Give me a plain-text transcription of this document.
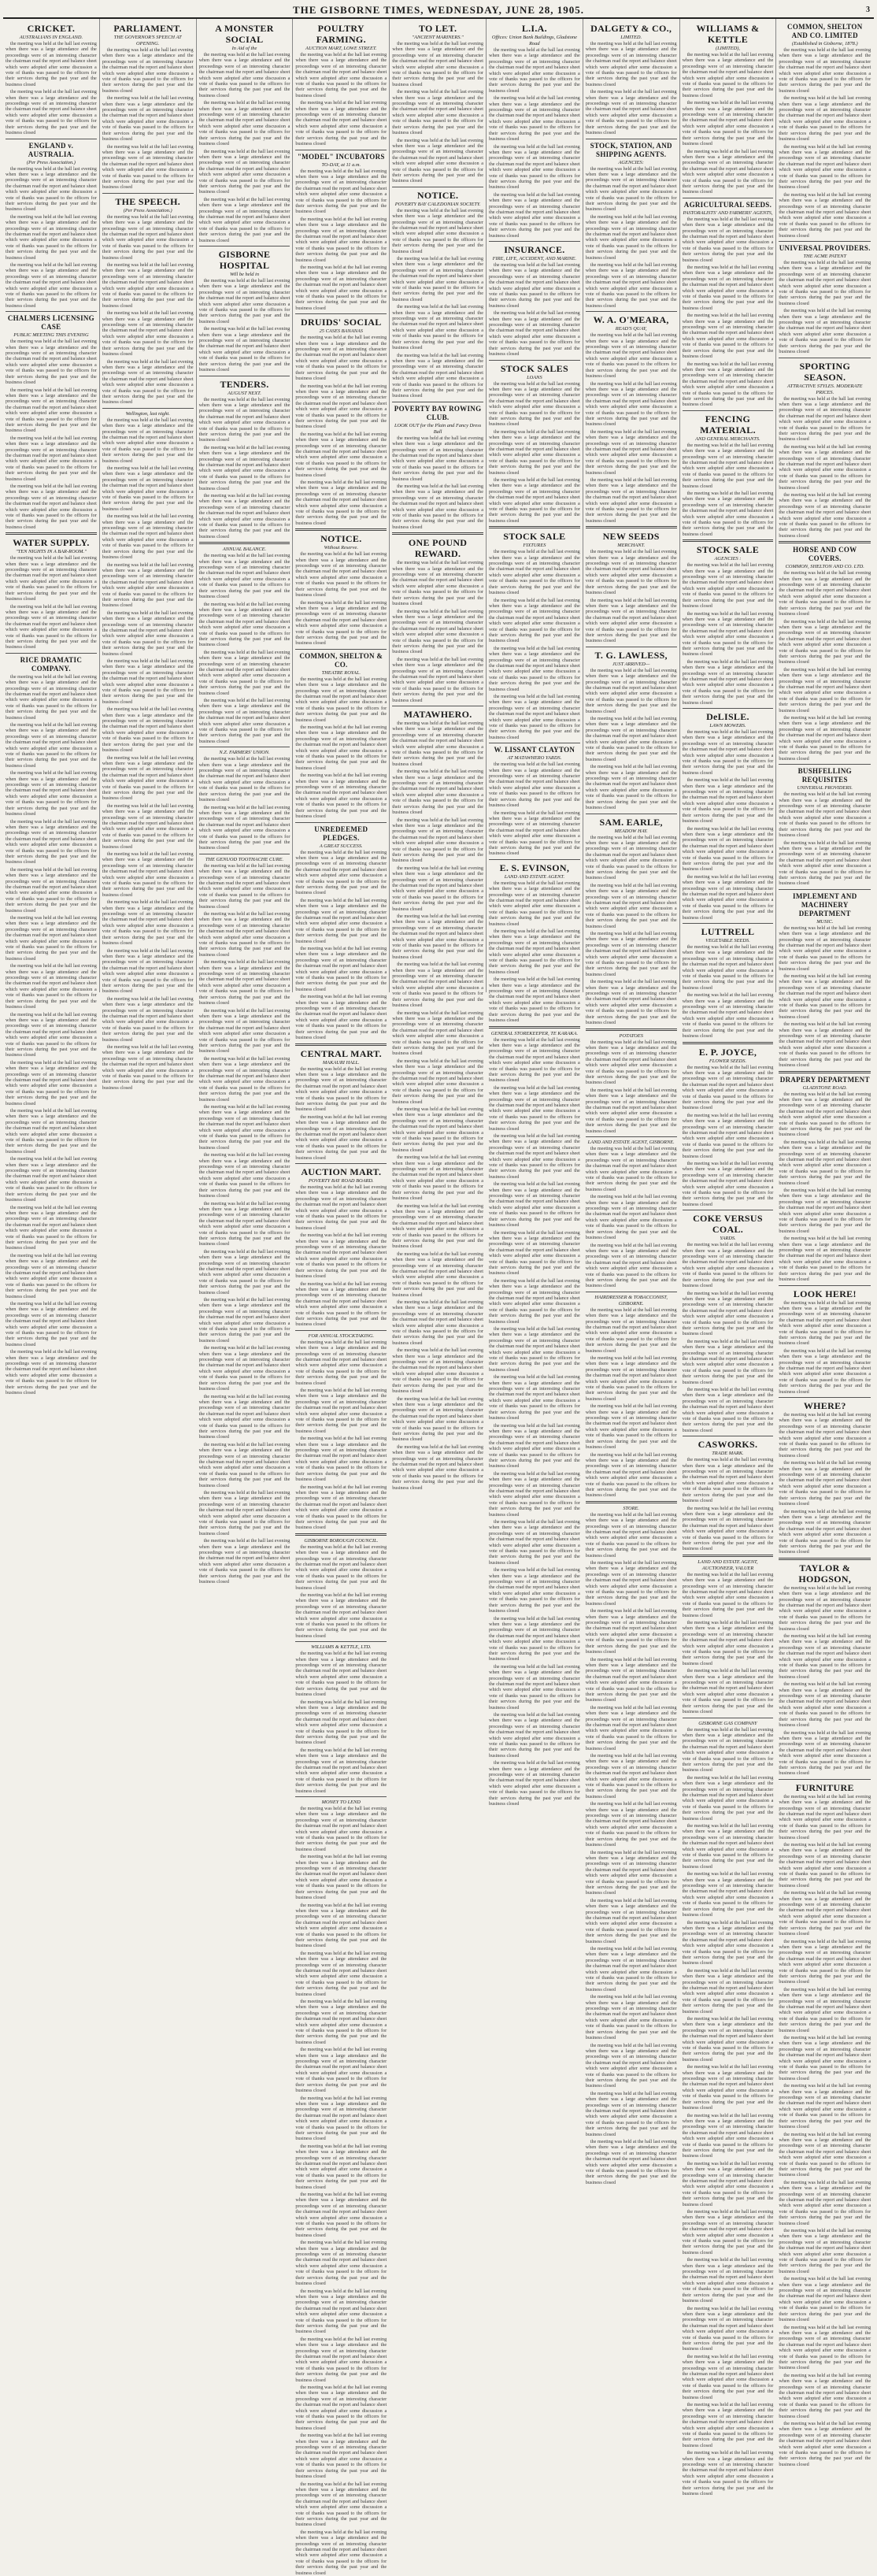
THE GISBORNE TIMES, WEDNESDAY, JUNE 28, 1905.	3
CRICKET.
AUSTRALIANS IN ENGLAND.

the meeting was held at the hall last evening when there was a large attendance and the proceedings were of an interesting character the chairman read the report and balance sheet which were adopted after some discussion a vote of thanks was passed to the officers for their services during the past year and the business closed

the meeting was held at the hall last evening when there was a large attendance and the proceedings were of an interesting character the chairman read the report and balance sheet which were adopted after some discussion a vote of thanks was passed to the officers for their services during the past year and the business closed

ENGLAND v. AUSTRALIA.
(Per Press Association.)

the meeting was held at the hall last evening when there was a large attendance and the proceedings were of an interesting character the chairman read the report and balance sheet which were adopted after some discussion a vote of thanks was passed to the officers for their services during the past year and the business closed

the meeting was held at the hall last evening when there was a large attendance and the proceedings were of an interesting character the chairman read the report and balance sheet which were adopted after some discussion a vote of thanks was passed to the officers for their services during the past year and the business closed

the meeting was held at the hall last evening when there was a large attendance and the proceedings were of an interesting character the chairman read the report and balance sheet which were adopted after some discussion a vote of thanks was passed to the officers for their services during the past year and the business closed

CHALMERS LICENSING CASE
PUBLIC MEETING THIS EVENING

the meeting was held at the hall last evening when there was a large attendance and the proceedings were of an interesting character the chairman read the report and balance sheet which were adopted after some discussion a vote of thanks was passed to the officers for their services during the past year and the business closed

the meeting was held at the hall last evening when there was a large attendance and the proceedings were of an interesting character the chairman read the report and balance sheet which were adopted after some discussion a vote of thanks was passed to the officers for their services during the past year and the business closed

the meeting was held at the hall last evening when there was a large attendance and the proceedings were of an interesting character the chairman read the report and balance sheet which were adopted after some discussion a vote of thanks was passed to the officers for their services during the past year and the business closed

the meeting was held at the hall last evening when there was a large attendance and the proceedings were of an interesting character the chairman read the report and balance sheet which were adopted after some discussion a vote of thanks was passed to the officers for their services during the past year and the business closed

WATER SUPPLY.
"TEN NIGHTS IN A BAR-ROOM."

the meeting was held at the hall last evening when there was a large attendance and the proceedings were of an interesting character the chairman read the report and balance sheet which were adopted after some discussion a vote of thanks was passed to the officers for their services during the past year and the business closed

the meeting was held at the hall last evening when there was a large attendance and the proceedings were of an interesting character the chairman read the report and balance sheet which were adopted after some discussion a vote of thanks was passed to the officers for their services during the past year and the business closed

RICE DRAMATIC COMPANY.

the meeting was held at the hall last evening when there was a large attendance and the proceedings were of an interesting character the chairman read the report and balance sheet which were adopted after some discussion a vote of thanks was passed to the officers for their services during the past year and the business closed

the meeting was held at the hall last evening when there was a large attendance and the proceedings were of an interesting character the chairman read the report and balance sheet which were adopted after some discussion a vote of thanks was passed to the officers for their services during the past year and the business closed

the meeting was held at the hall last evening when there was a large attendance and the proceedings were of an interesting character the chairman read the report and balance sheet which were adopted after some discussion a vote of thanks was passed to the officers for their services during the past year and the business closed

the meeting was held at the hall last evening when there was a large attendance and the proceedings were of an interesting character the chairman read the report and balance sheet which were adopted after some discussion a vote of thanks was passed to the officers for their services during the past year and the business closed

the meeting was held at the hall last evening when there was a large attendance and the proceedings were of an interesting character the chairman read the report and balance sheet which were adopted after some discussion a vote of thanks was passed to the officers for their services during the past year and the business closed

the meeting was held at the hall last evening when there was a large attendance and the proceedings were of an interesting character the chairman read the report and balance sheet which were adopted after some discussion a vote of thanks was passed to the officers for their services during the past year and the business closed

the meeting was held at the hall last evening when there was a large attendance and the proceedings were of an interesting character the chairman read the report and balance sheet which were adopted after some discussion a vote of thanks was passed to the officers for their services during the past year and the business closed

the meeting was held at the hall last evening when there was a large attendance and the proceedings were of an interesting character the chairman read the report and balance sheet which were adopted after some discussion a vote of thanks was passed to the officers for their services during the past year and the business closed

the meeting was held at the hall last evening when there was a large attendance and the proceedings were of an interesting character the chairman read the report and balance sheet which were adopted after some discussion a vote of thanks was passed to the officers for their services during the past year and the business closed

the meeting was held at the hall last evening when there was a large attendance and the proceedings were of an interesting character the chairman read the report and balance sheet which were adopted after some discussion a vote of thanks was passed to the officers for their services during the past year and the business closed

the meeting was held at the hall last evening when there was a large attendance and the proceedings were of an interesting character the chairman read the report and balance sheet which were adopted after some discussion a vote of thanks was passed to the officers for their services during the past year and the business closed

the meeting was held at the hall last evening when there was a large attendance and the proceedings were of an interesting character the chairman read the report and balance sheet which were adopted after some discussion a vote of thanks was passed to the officers for their services during the past year and the business closed

the meeting was held at the hall last evening when there was a large attendance and the proceedings were of an interesting character the chairman read the report and balance sheet which were adopted after some discussion a vote of thanks was passed to the officers for their services during the past year and the business closed

the meeting was held at the hall last evening when there was a large attendance and the proceedings were of an interesting character the chairman read the report and balance sheet which were adopted after some discussion a vote of thanks was passed to the officers for their services during the past year and the business closed

the meeting was held at the hall last evening when there was a large attendance and the proceedings were of an interesting character the chairman read the report and balance sheet which were adopted after some discussion a vote of thanks was passed to the officers for their services during the past year and the business closed

PARLIAMENT.
THE GOVERNOR'S SPEECH AT OPENING.

the meeting was held at the hall last evening when there was a large attendance and the proceedings were of an interesting character the chairman read the report and balance sheet which were adopted after some discussion a vote of thanks was passed to the officers for their services during the past year and the business closed

the meeting was held at the hall last evening when there was a large attendance and the proceedings were of an interesting character the chairman read the report and balance sheet which were adopted after some discussion a vote of thanks was passed to the officers for their services during the past year and the business closed

the meeting was held at the hall last evening when there was a large attendance and the proceedings were of an interesting character the chairman read the report and balance sheet which were adopted after some discussion a vote of thanks was passed to the officers for their services during the past year and the business closed

THE SPEECH.
(Per Press Association.)

the meeting was held at the hall last evening when there was a large attendance and the proceedings were of an interesting character the chairman read the report and balance sheet which were adopted after some discussion a vote of thanks was passed to the officers for their services during the past year and the business closed

the meeting was held at the hall last evening when there was a large attendance and the proceedings were of an interesting character the chairman read the report and balance sheet which were adopted after some discussion a vote of thanks was passed to the officers for their services during the past year and the business closed

the meeting was held at the hall last evening when there was a large attendance and the proceedings were of an interesting character the chairman read the report and balance sheet which were adopted after some discussion a vote of thanks was passed to the officers for their services during the past year and the business closed

the meeting was held at the hall last evening when there was a large attendance and the proceedings were of an interesting character the chairman read the report and balance sheet which were adopted after some discussion a vote of thanks was passed to the officers for their services during the past year and the business closed

Wellington, last night.

the meeting was held at the hall last evening when there was a large attendance and the proceedings were of an interesting character the chairman read the report and balance sheet which were adopted after some discussion a vote of thanks was passed to the officers for their services during the past year and the business closed

the meeting was held at the hall last evening when there was a large attendance and the proceedings were of an interesting character the chairman read the report and balance sheet which were adopted after some discussion a vote of thanks was passed to the officers for their services during the past year and the business closed

the meeting was held at the hall last evening when there was a large attendance and the proceedings were of an interesting character the chairman read the report and balance sheet which were adopted after some discussion a vote of thanks was passed to the officers for their services during the past year and the business closed

the meeting was held at the hall last evening when there was a large attendance and the proceedings were of an interesting character the chairman read the report and balance sheet which were adopted after some discussion a vote of thanks was passed to the officers for their services during the past year and the business closed

the meeting was held at the hall last evening when there was a large attendance and the proceedings were of an interesting character the chairman read the report and balance sheet which were adopted after some discussion a vote of thanks was passed to the officers for their services during the past year and the business closed

the meeting was held at the hall last evening when there was a large attendance and the proceedings were of an interesting character the chairman read the report and balance sheet which were adopted after some discussion a vote of thanks was passed to the officers for their services during the past year and the business closed

the meeting was held at the hall last evening when there was a large attendance and the proceedings were of an interesting character the chairman read the report and balance sheet which were adopted after some discussion a vote of thanks was passed to the officers for their services during the past year and the business closed

the meeting was held at the hall last evening when there was a large attendance and the proceedings were of an interesting character the chairman read the report and balance sheet which were adopted after some discussion a vote of thanks was passed to the officers for their services during the past year and the business closed

the meeting was held at the hall last evening when there was a large attendance and the proceedings were of an interesting character the chairman read the report and balance sheet which were adopted after some discussion a vote of thanks was passed to the officers for their services during the past year and the business closed

the meeting was held at the hall last evening when there was a large attendance and the proceedings were of an interesting character the chairman read the report and balance sheet which were adopted after some discussion a vote of thanks was passed to the officers for their services during the past year and the business closed

the meeting was held at the hall last evening when there was a large attendance and the proceedings were of an interesting character the chairman read the report and balance sheet which were adopted after some discussion a vote of thanks was passed to the officers for their services during the past year and the business closed

the meeting was held at the hall last evening when there was a large attendance and the proceedings were of an interesting character the chairman read the report and balance sheet which were adopted after some discussion a vote of thanks was passed to the officers for their services during the past year and the business closed

the meeting was held at the hall last evening when there was a large attendance and the proceedings were of an interesting character the chairman read the report and balance sheet which were adopted after some discussion a vote of thanks was passed to the officers for their services during the past year and the business closed

the meeting was held at the hall last evening when there was a large attendance and the proceedings were of an interesting character the chairman read the report and balance sheet which were adopted after some discussion a vote of thanks was passed to the officers for their services during the past year and the business closed

A MONSTER SOCIAL
In Aid of the

the meeting was held at the hall last evening when there was a large attendance and the proceedings were of an interesting character the chairman read the report and balance sheet which were adopted after some discussion a vote of thanks was passed to the officers for their services during the past year and the business closed

the meeting was held at the hall last evening when there was a large attendance and the proceedings were of an interesting character the chairman read the report and balance sheet which were adopted after some discussion a vote of thanks was passed to the officers for their services during the past year and the business closed

the meeting was held at the hall last evening when there was a large attendance and the proceedings were of an interesting character the chairman read the report and balance sheet which were adopted after some discussion a vote of thanks was passed to the officers for their services during the past year and the business closed

the meeting was held at the hall last evening when there was a large attendance and the proceedings were of an interesting character the chairman read the report and balance sheet which were adopted after some discussion a vote of thanks was passed to the officers for their services during the past year and the business closed

GISBORNE HOSPITAL
Will be held in

the meeting was held at the hall last evening when there was a large attendance and the proceedings were of an interesting character the chairman read the report and balance sheet which were adopted after some discussion a vote of thanks was passed to the officers for their services during the past year and the business closed

the meeting was held at the hall last evening when there was a large attendance and the proceedings were of an interesting character the chairman read the report and balance sheet which were adopted after some discussion a vote of thanks was passed to the officers for their services during the past year and the business closed

TENDERS.
AUGUST NEXT.

the meeting was held at the hall last evening when there was a large attendance and the proceedings were of an interesting character the chairman read the report and balance sheet which were adopted after some discussion a vote of thanks was passed to the officers for their services during the past year and the business closed

the meeting was held at the hall last evening when there was a large attendance and the proceedings were of an interesting character the chairman read the report and balance sheet which were adopted after some discussion a vote of thanks was passed to the officers for their services during the past year and the business closed

the meeting was held at the hall last evening when there was a large attendance and the proceedings were of an interesting character the chairman read the report and balance sheet which were adopted after some discussion a vote of thanks was passed to the officers for their services during the past year and the business closed

ANNUAL BALANCE.

the meeting was held at the hall last evening when there was a large attendance and the proceedings were of an interesting character the chairman read the report and balance sheet which were adopted after some discussion a vote of thanks was passed to the officers for their services during the past year and the business closed

the meeting was held at the hall last evening when there was a large attendance and the proceedings were of an interesting character the chairman read the report and balance sheet which were adopted after some discussion a vote of thanks was passed to the officers for their services during the past year and the business closed

the meeting was held at the hall last evening when there was a large attendance and the proceedings were of an interesting character the chairman read the report and balance sheet which were adopted after some discussion a vote of thanks was passed to the officers for their services during the past year and the business closed

the meeting was held at the hall last evening when there was a large attendance and the proceedings were of an interesting character the chairman read the report and balance sheet which were adopted after some discussion a vote of thanks was passed to the officers for their services during the past year and the business closed

N.Z. FARMERS' UNION.

the meeting was held at the hall last evening when there was a large attendance and the proceedings were of an interesting character the chairman read the report and balance sheet which were adopted after some discussion a vote of thanks was passed to the officers for their services during the past year and the business closed

the meeting was held at the hall last evening when there was a large attendance and the proceedings were of an interesting character the chairman read the report and balance sheet which were adopted after some discussion a vote of thanks was passed to the officers for their services during the past year and the business closed

THE GENUOD TOOTHACHE CURE.

the meeting was held at the hall last evening when there was a large attendance and the proceedings were of an interesting character the chairman read the report and balance sheet which were adopted after some discussion a vote of thanks was passed to the officers for their services during the past year and the business closed

the meeting was held at the hall last evening when there was a large attendance and the proceedings were of an interesting character the chairman read the report and balance sheet which were adopted after some discussion a vote of thanks was passed to the officers for their services during the past year and the business closed

the meeting was held at the hall last evening when there was a large attendance and the proceedings were of an interesting character the chairman read the report and balance sheet which were adopted after some discussion a vote of thanks was passed to the officers for their services during the past year and the business closed

the meeting was held at the hall last evening when there was a large attendance and the proceedings were of an interesting character the chairman read the report and balance sheet which were adopted after some discussion a vote of thanks was passed to the officers for their services during the past year and the business closed

the meeting was held at the hall last evening when there was a large attendance and the proceedings were of an interesting character the chairman read the report and balance sheet which were adopted after some discussion a vote of thanks was passed to the officers for their services during the past year and the business closed

the meeting was held at the hall last evening when there was a large attendance and the proceedings were of an interesting character the chairman read the report and balance sheet which were adopted after some discussion a vote of thanks was passed to the officers for their services during the past year and the business closed

the meeting was held at the hall last evening when there was a large attendance and the proceedings were of an interesting character the chairman read the report and balance sheet which were adopted after some discussion a vote of thanks was passed to the officers for their services during the past year and the business closed

the meeting was held at the hall last evening when there was a large attendance and the proceedings were of an interesting character the chairman read the report and balance sheet which were adopted after some discussion a vote of thanks was passed to the officers for their services during the past year and the business closed

the meeting was held at the hall last evening when there was a large attendance and the proceedings were of an interesting character the chairman read the report and balance sheet which were adopted after some discussion a vote of thanks was passed to the officers for their services during the past year and the business closed

the meeting was held at the hall last evening when there was a large attendance and the proceedings were of an interesting character the chairman read the report and balance sheet which were adopted after some discussion a vote of thanks was passed to the officers for their services during the past year and the business closed

the meeting was held at the hall last evening when there was a large attendance and the proceedings were of an interesting character the chairman read the report and balance sheet which were adopted after some discussion a vote of thanks was passed to the officers for their services during the past year and the business closed

the meeting was held at the hall last evening when there was a large attendance and the proceedings were of an interesting character the chairman read the report and balance sheet which were adopted after some discussion a vote of thanks was passed to the officers for their services during the past year and the business closed

the meeting was held at the hall last evening when there was a large attendance and the proceedings were of an interesting character the chairman read the report and balance sheet which were adopted after some discussion a vote of thanks was passed to the officers for their services during the past year and the business closed

the meeting was held at the hall last evening when there was a large attendance and the proceedings were of an interesting character the chairman read the report and balance sheet which were adopted after some discussion a vote of thanks was passed to the officers for their services during the past year and the business closed

the meeting was held at the hall last evening when there was a large attendance and the proceedings were of an interesting character the chairman read the report and balance sheet which were adopted after some discussion a vote of thanks was passed to the officers for their services during the past year and the business closed

POULTRY FARMING.
AUCTION MART, LOWE STREET.

the meeting was held at the hall last evening when there was a large attendance and the proceedings were of an interesting character the chairman read the report and balance sheet which were adopted after some discussion a vote of thanks was passed to the officers for their services during the past year and the business closed

the meeting was held at the hall last evening when there was a large attendance and the proceedings were of an interesting character the chairman read the report and balance sheet which were adopted after some discussion a vote of thanks was passed to the officers for their services during the past year and the business closed

"MODEL" INCUBATORS
TO-DAY, at 11 a.m.

the meeting was held at the hall last evening when there was a large attendance and the proceedings were of an interesting character the chairman read the report and balance sheet which were adopted after some discussion a vote of thanks was passed to the officers for their services during the past year and the business closed

the meeting was held at the hall last evening when there was a large attendance and the proceedings were of an interesting character the chairman read the report and balance sheet which were adopted after some discussion a vote of thanks was passed to the officers for their services during the past year and the business closed

the meeting was held at the hall last evening when there was a large attendance and the proceedings were of an interesting character the chairman read the report and balance sheet which were adopted after some discussion a vote of thanks was passed to the officers for their services during the past year and the business closed

DRUIDS' SOCIAL
25 CASES BANANAS

the meeting was held at the hall last evening when there was a large attendance and the proceedings were of an interesting character the chairman read the report and balance sheet which were adopted after some discussion a vote of thanks was passed to the officers for their services during the past year and the business closed

the meeting was held at the hall last evening when there was a large attendance and the proceedings were of an interesting character the chairman read the report and balance sheet which were adopted after some discussion a vote of thanks was passed to the officers for their services during the past year and the business closed

the meeting was held at the hall last evening when there was a large attendance and the proceedings were of an interesting character the chairman read the report and balance sheet which were adopted after some discussion a vote of thanks was passed to the officers for their services during the past year and the business closed

the meeting was held at the hall last evening when there was a large attendance and the proceedings were of an interesting character the chairman read the report and balance sheet which were adopted after some discussion a vote of thanks was passed to the officers for their services during the past year and the business closed

NOTICE.
Without Reserve.

the meeting was held at the hall last evening when there was a large attendance and the proceedings were of an interesting character the chairman read the report and balance sheet which were adopted after some discussion a vote of thanks was passed to the officers for their services during the past year and the business closed

the meeting was held at the hall last evening when there was a large attendance and the proceedings were of an interesting character the chairman read the report and balance sheet which were adopted after some discussion a vote of thanks was passed to the officers for their services during the past year and the business closed

COMMON, SHELTON & CO.
THEATRE ROYAL.

the meeting was held at the hall last evening when there was a large attendance and the proceedings were of an interesting character the chairman read the report and balance sheet which were adopted after some discussion a vote of thanks was passed to the officers for their services during the past year and the business closed

the meeting was held at the hall last evening when there was a large attendance and the proceedings were of an interesting character the chairman read the report and balance sheet which were adopted after some discussion a vote of thanks was passed to the officers for their services during the past year and the business closed

the meeting was held at the hall last evening when there was a large attendance and the proceedings were of an interesting character the chairman read the report and balance sheet which were adopted after some discussion a vote of thanks was passed to the officers for their services during the past year and the business closed

UNREDEEMED PLEDGES.
A GREAT SUCCESS.

the meeting was held at the hall last evening when there was a large attendance and the proceedings were of an interesting character the chairman read the report and balance sheet which were adopted after some discussion a vote of thanks was passed to the officers for their services during the past year and the business closed

the meeting was held at the hall last evening when there was a large attendance and the proceedings were of an interesting character the chairman read the report and balance sheet which were adopted after some discussion a vote of thanks was passed to the officers for their services during the past year and the business closed

the meeting was held at the hall last evening when there was a large attendance and the proceedings were of an interesting character the chairman read the report and balance sheet which were adopted after some discussion a vote of thanks was passed to the officers for their services during the past year and the business closed

the meeting was held at the hall last evening when there was a large attendance and the proceedings were of an interesting character the chairman read the report and balance sheet which were adopted after some discussion a vote of thanks was passed to the officers for their services during the past year and the business closed

CENTRAL MART.
MAKAURI HALL.

the meeting was held at the hall last evening when there was a large attendance and the proceedings were of an interesting character the chairman read the report and balance sheet which were adopted after some discussion a vote of thanks was passed to the officers for their services during the past year and the business closed

the meeting was held at the hall last evening when there was a large attendance and the proceedings were of an interesting character the chairman read the report and balance sheet which were adopted after some discussion a vote of thanks was passed to the officers for their services during the past year and the business closed

AUCTION MART.
POVERTY BAY ROAD BOARD.

the meeting was held at the hall last evening when there was a large attendance and the proceedings were of an interesting character the chairman read the report and balance sheet which were adopted after some discussion a vote of thanks was passed to the officers for their services during the past year and the business closed

the meeting was held at the hall last evening when there was a large attendance and the proceedings were of an interesting character the chairman read the report and balance sheet which were adopted after some discussion a vote of thanks was passed to the officers for their services during the past year and the business closed

the meeting was held at the hall last evening when there was a large attendance and the proceedings were of an interesting character the chairman read the report and balance sheet which were adopted after some discussion a vote of thanks was passed to the officers for their services during the past year and the business closed

FOR ANNUAL STOCKTAKING.

the meeting was held at the hall last evening when there was a large attendance and the proceedings were of an interesting character the chairman read the report and balance sheet which were adopted after some discussion a vote of thanks was passed to the officers for their services during the past year and the business closed

the meeting was held at the hall last evening when there was a large attendance and the proceedings were of an interesting character the chairman read the report and balance sheet which were adopted after some discussion a vote of thanks was passed to the officers for their services during the past year and the business closed

the meeting was held at the hall last evening when there was a large attendance and the proceedings were of an interesting character the chairman read the report and balance sheet which were adopted after some discussion a vote of thanks was passed to the officers for their services during the past year and the business closed

the meeting was held at the hall last evening when there was a large attendance and the proceedings were of an interesting character the chairman read the report and balance sheet which were adopted after some discussion a vote of thanks was passed to the officers for their services during the past year and the business closed

GISBORNE BOROUGH COUNCIL.

the meeting was held at the hall last evening when there was a large attendance and the proceedings were of an interesting character the chairman read the report and balance sheet which were adopted after some discussion a vote of thanks was passed to the officers for their services during the past year and the business closed

the meeting was held at the hall last evening when there was a large attendance and the proceedings were of an interesting character the chairman read the report and balance sheet which were adopted after some discussion a vote of thanks was passed to the officers for their services during the past year and the business closed

WILLIAMS & KETTLE, LTD.

the meeting was held at the hall last evening when there was a large attendance and the proceedings were of an interesting character the chairman read the report and balance sheet which were adopted after some discussion a vote of thanks was passed to the officers for their services during the past year and the business closed

the meeting was held at the hall last evening when there was a large attendance and the proceedings were of an interesting character the chairman read the report and balance sheet which were adopted after some discussion a vote of thanks was passed to the officers for their services during the past year and the business closed

the meeting was held at the hall last evening when there was a large attendance and the proceedings were of an interesting character the chairman read the report and balance sheet which were adopted after some discussion a vote of thanks was passed to the officers for their services during the past year and the business closed

MONEY TO LEND

the meeting was held at the hall last evening when there was a large attendance and the proceedings were of an interesting character the chairman read the report and balance sheet which were adopted after some discussion a vote of thanks was passed to the officers for their services during the past year and the business closed

the meeting was held at the hall last evening when there was a large attendance and the proceedings were of an interesting character the chairman read the report and balance sheet which were adopted after some discussion a vote of thanks was passed to the officers for their services during the past year and the business closed

the meeting was held at the hall last evening when there was a large attendance and the proceedings were of an interesting character the chairman read the report and balance sheet which were adopted after some discussion a vote of thanks was passed to the officers for their services during the past year and the business closed

the meeting was held at the hall last evening when there was a large attendance and the proceedings were of an interesting character the chairman read the report and balance sheet which were adopted after some discussion a vote of thanks was passed to the officers for their services during the past year and the business closed

the meeting was held at the hall last evening when there was a large attendance and the proceedings were of an interesting character the chairman read the report and balance sheet which were adopted after some discussion a vote of thanks was passed to the officers for their services during the past year and the business closed

the meeting was held at the hall last evening when there was a large attendance and the proceedings were of an interesting character the chairman read the report and balance sheet which were adopted after some discussion a vote of thanks was passed to the officers for their services during the past year and the business closed

the meeting was held at the hall last evening when there was a large attendance and the proceedings were of an interesting character the chairman read the report and balance sheet which were adopted after some discussion a vote of thanks was passed to the officers for their services during the past year and the business closed

the meeting was held at the hall last evening when there was a large attendance and the proceedings were of an interesting character the chairman read the report and balance sheet which were adopted after some discussion a vote of thanks was passed to the officers for their services during the past year and the business closed

the meeting was held at the hall last evening when there was a large attendance and the proceedings were of an interesting character the chairman read the report and balance sheet which were adopted after some discussion a vote of thanks was passed to the officers for their services during the past year and the business closed

the meeting was held at the hall last evening when there was a large attendance and the proceedings were of an interesting character the chairman read the report and balance sheet which were adopted after some discussion a vote of thanks was passed to the officers for their services during the past year and the business closed

the meeting was held at the hall last evening when there was a large attendance and the proceedings were of an interesting character the chairman read the report and balance sheet which were adopted after some discussion a vote of thanks was passed to the officers for their services during the past year and the business closed

the meeting was held at the hall last evening when there was a large attendance and the proceedings were of an interesting character the chairman read the report and balance sheet which were adopted after some discussion a vote of thanks was passed to the officers for their services during the past year and the business closed

the meeting was held at the hall last evening when there was a large attendance and the proceedings were of an interesting character the chairman read the report and balance sheet which were adopted after some discussion a vote of thanks was passed to the officers for their services during the past year and the business closed

the meeting was held at the hall last evening when there was a large attendance and the proceedings were of an interesting character the chairman read the report and balance sheet which were adopted after some discussion a vote of thanks was passed to the officers for their services during the past year and the business closed

the meeting was held at the hall last evening when there was a large attendance and the proceedings were of an interesting character the chairman read the report and balance sheet which were adopted after some discussion a vote of thanks was passed to the officers for their services during the past year and the business closed

the meeting was held at the hall last evening when there was a large attendance and the proceedings were of an interesting character the chairman read the report and balance sheet which were adopted after some discussion a vote of thanks was passed to the officers for their services during the past year and the business closed

TO LET.
"ANCIENT MARINERS."

the meeting was held at the hall last evening when there was a large attendance and the proceedings were of an interesting character the chairman read the report and balance sheet which were adopted after some discussion a vote of thanks was passed to the officers for their services during the past year and the business closed

the meeting was held at the hall last evening when there was a large attendance and the proceedings were of an interesting character the chairman read the report and balance sheet which were adopted after some discussion a vote of thanks was passed to the officers for their services during the past year and the business closed

the meeting was held at the hall last evening when there was a large attendance and the proceedings were of an interesting character the chairman read the report and balance sheet which were adopted after some discussion a vote of thanks was passed to the officers for their services during the past year and the business closed

NOTICE.
POVERTY BAY CALEDONIAN SOCIETY.

the meeting was held at the hall last evening when there was a large attendance and the proceedings were of an interesting character the chairman read the report and balance sheet which were adopted after some discussion a vote of thanks was passed to the officers for their services during the past year and the business closed

the meeting was held at the hall last evening when there was a large attendance and the proceedings were of an interesting character the chairman read the report and balance sheet which were adopted after some discussion a vote of thanks was passed to the officers for their services during the past year and the business closed

the meeting was held at the hall last evening when there was a large attendance and the proceedings were of an interesting character the chairman read the report and balance sheet which were adopted after some discussion a vote of thanks was passed to the officers for their services during the past year and the business closed

the meeting was held at the hall last evening when there was a large attendance and the proceedings were of an interesting character the chairman read the report and balance sheet which were adopted after some discussion a vote of thanks was passed to the officers for their services during the past year and the business closed

POVERTY BAY ROWING CLUB.
LOOK OUT for the Plain and Fancy Dress Ball

the meeting was held at the hall last evening when there was a large attendance and the proceedings were of an interesting character the chairman read the report and balance sheet which were adopted after some discussion a vote of thanks was passed to the officers for their services during the past year and the business closed

the meeting was held at the hall last evening when there was a large attendance and the proceedings were of an interesting character the chairman read the report and balance sheet which were adopted after some discussion a vote of thanks was passed to the officers for their services during the past year and the business closed

ONE POUND REWARD.

the meeting was held at the hall last evening when there was a large attendance and the proceedings were of an interesting character the chairman read the report and balance sheet which were adopted after some discussion a vote of thanks was passed to the officers for their services during the past year and the business closed

the meeting was held at the hall last evening when there was a large attendance and the proceedings were of an interesting character the chairman read the report and balance sheet which were adopted after some discussion a vote of thanks was passed to the officers for their services during the past year and the business closed

the meeting was held at the hall last evening when there was a large attendance and the proceedings were of an interesting character the chairman read the report and balance sheet which were adopted after some discussion a vote of thanks was passed to the officers for their services during the past year and the business closed

MATAWHERO.

the meeting was held at the hall last evening when there was a large attendance and the proceedings were of an interesting character the chairman read the report and balance sheet which were adopted after some discussion a vote of thanks was passed to the officers for their services during the past year and the business closed

the meeting was held at the hall last evening when there was a large attendance and the proceedings were of an interesting character the chairman read the report and balance sheet which were adopted after some discussion a vote of thanks was passed to the officers for their services during the past year and the business closed

the meeting was held at the hall last evening when there was a large attendance and the proceedings were of an interesting character the chairman read the report and balance sheet which were adopted after some discussion a vote of thanks was passed to the officers for their services during the past year and the business closed

the meeting was held at the hall last evening when there was a large attendance and the proceedings were of an interesting character the chairman read the report and balance sheet which were adopted after some discussion a vote of thanks was passed to the officers for their services during the past year and the business closed

the meeting was held at the hall last evening when there was a large attendance and the proceedings were of an interesting character the chairman read the report and balance sheet which were adopted after some discussion a vote of thanks was passed to the officers for their services during the past year and the business closed

the meeting was held at the hall last evening when there was a large attendance and the proceedings were of an interesting character the chairman read the report and balance sheet which were adopted after some discussion a vote of thanks was passed to the officers for their services during the past year and the business closed

the meeting was held at the hall last evening when there was a large attendance and the proceedings were of an interesting character the chairman read the report and balance sheet which were adopted after some discussion a vote of thanks was passed to the officers for their services during the past year and the business closed

the meeting was held at the hall last evening when there was a large attendance and the proceedings were of an interesting character the chairman read the report and balance sheet which were adopted after some discussion a vote of thanks was passed to the officers for their services during the past year and the business closed

the meeting was held at the hall last evening when there was a large attendance and the proceedings were of an interesting character the chairman read the report and balance sheet which were adopted after some discussion a vote of thanks was passed to the officers for their services during the past year and the business closed

the meeting was held at the hall last evening when there was a large attendance and the proceedings were of an interesting character the chairman read the report and balance sheet which were adopted after some discussion a vote of thanks was passed to the officers for their services during the past year and the business closed

the meeting was held at the hall last evening when there was a large attendance and the proceedings were of an interesting character the chairman read the report and balance sheet which were adopted after some discussion a vote of thanks was passed to the officers for their services during the past year and the business closed

the meeting was held at the hall last evening when there was a large attendance and the proceedings were of an interesting character the chairman read the report and balance sheet which were adopted after some discussion a vote of thanks was passed to the officers for their services during the past year and the business closed

the meeting was held at the hall last evening when there was a large attendance and the proceedings were of an interesting character the chairman read the report and balance sheet which were adopted after some discussion a vote of thanks was passed to the officers for their services during the past year and the business closed

the meeting was held at the hall last evening when there was a large attendance and the proceedings were of an interesting character the chairman read the report and balance sheet which were adopted after some discussion a vote of thanks was passed to the officers for their services during the past year and the business closed

the meeting was held at the hall last evening when there was a large attendance and the proceedings were of an interesting character the chairman read the report and balance sheet which were adopted after some discussion a vote of thanks was passed to the officers for their services during the past year and the business closed

the meeting was held at the hall last evening when there was a large attendance and the proceedings were of an interesting character the chairman read the report and balance sheet which were adopted after some discussion a vote of thanks was passed to the officers for their services during the past year and the business closed

L.I.A.
Offices: Union Bank Buildings, Gladstone Road

the meeting was held at the hall last evening when there was a large attendance and the proceedings were of an interesting character the chairman read the report and balance sheet which were adopted after some discussion a vote of thanks was passed to the officers for their services during the past year and the business closed

the meeting was held at the hall last evening when there was a large attendance and the proceedings were of an interesting character the chairman read the report and balance sheet which were adopted after some discussion a vote of thanks was passed to the officers for their services during the past year and the business closed

the meeting was held at the hall last evening when there was a large attendance and the proceedings were of an interesting character the chairman read the report and balance sheet which were adopted after some discussion a vote of thanks was passed to the officers for their services during the past year and the business closed

the meeting was held at the hall last evening when there was a large attendance and the proceedings were of an interesting character the chairman read the report and balance sheet which were adopted after some discussion a vote of thanks was passed to the officers for their services during the past year and the business closed

INSURANCE.
FIRE, LIFE, ACCIDENT, AND MARINE.

the meeting was held at the hall last evening when there was a large attendance and the proceedings were of an interesting character the chairman read the report and balance sheet which were adopted after some discussion a vote of thanks was passed to the officers for their services during the past year and the business closed

the meeting was held at the hall last evening when there was a large attendance and the proceedings were of an interesting character the chairman read the report and balance sheet which were adopted after some discussion a vote of thanks was passed to the officers for their services during the past year and the business closed

STOCK SALES
LOANS

the meeting was held at the hall last evening when there was a large attendance and the proceedings were of an interesting character the chairman read the report and balance sheet which were adopted after some discussion a vote of thanks was passed to the officers for their services during the past year and the business closed

the meeting was held at the hall last evening when there was a large attendance and the proceedings were of an interesting character the chairman read the report and balance sheet which were adopted after some discussion a vote of thanks was passed to the officers for their services during the past year and the business closed

the meeting was held at the hall last evening when there was a large attendance and the proceedings were of an interesting character the chairman read the report and balance sheet which were adopted after some discussion a vote of thanks was passed to the officers for their services during the past year and the business closed

STOCK SALE
FIXTURES

the meeting was held at the hall last evening when there was a large attendance and the proceedings were of an interesting character the chairman read the report and balance sheet which were adopted after some discussion a vote of thanks was passed to the officers for their services during the past year and the business closed

the meeting was held at the hall last evening when there was a large attendance and the proceedings were of an interesting character the chairman read the report and balance sheet which were adopted after some discussion a vote of thanks was passed to the officers for their services during the past year and the business closed

the meeting was held at the hall last evening when there was a large attendance and the proceedings were of an interesting character the chairman read the report and balance sheet which were adopted after some discussion a vote of thanks was passed to the officers for their services during the past year and the business closed

the meeting was held at the hall last evening when there was a large attendance and the proceedings were of an interesting character the chairman read the report and balance sheet which were adopted after some discussion a vote of thanks was passed to the officers for their services during the past year and the business closed

W. LISSANT CLAYTON
AT MATAWHERO YARDS.

the meeting was held at the hall last evening when there was a large attendance and the proceedings were of an interesting character the chairman read the report and balance sheet which were adopted after some discussion a vote of thanks was passed to the officers for their services during the past year and the business closed

the meeting was held at the hall last evening when there was a large attendance and the proceedings were of an interesting character the chairman read the report and balance sheet which were adopted after some discussion a vote of thanks was passed to the officers for their services during the past year and the business closed

E. S. EVINSON,
LAND AND ESTATE AGENT.

the meeting was held at the hall last evening when there was a large attendance and the proceedings were of an interesting character the chairman read the report and balance sheet which were adopted after some discussion a vote of thanks was passed to the officers for their services during the past year and the business closed

the meeting was held at the hall last evening when there was a large attendance and the proceedings were of an interesting character the chairman read the report and balance sheet which were adopted after some discussion a vote of thanks was passed to the officers for their services during the past year and the business closed

the meeting was held at the hall last evening when there was a large attendance and the proceedings were of an interesting character the chairman read the report and balance sheet which were adopted after some discussion a vote of thanks was passed to the officers for their services during the past year and the business closed

GENERAL STOREKEEPER, TE KARAKA.

the meeting was held at the hall last evening when there was a large attendance and the proceedings were of an interesting character the chairman read the report and balance sheet which were adopted after some discussion a vote of thanks was passed to the officers for their services during the past year and the business closed

the meeting was held at the hall last evening when there was a large attendance and the proceedings were of an interesting character the chairman read the report and balance sheet which were adopted after some discussion a vote of thanks was passed to the officers for their services during the past year and the business closed

the meeting was held at the hall last evening when there was a large attendance and the proceedings were of an interesting character the chairman read the report and balance sheet which were adopted after some discussion a vote of thanks was passed to the officers for their services during the past year and the business closed

the meeting was held at the hall last evening when there was a large attendance and the proceedings were of an interesting character the chairman read the report and balance sheet which were adopted after some discussion a vote of thanks was passed to the officers for their services during the past year and the business closed

the meeting was held at the hall last evening when there was a large attendance and the proceedings were of an interesting character the chairman read the report and balance sheet which were adopted after some discussion a vote of thanks was passed to the officers for their services during the past year and the business closed

the meeting was held at the hall last evening when there was a large attendance and the proceedings were of an interesting character the chairman read the report and balance sheet which were adopted after some discussion a vote of thanks was passed to the officers for their services during the past year and the business closed

the meeting was held at the hall last evening when there was a large attendance and the proceedings were of an interesting character the chairman read the report and balance sheet which were adopted after some discussion a vote of thanks was passed to the officers for their services during the past year and the business closed

the meeting was held at the hall last evening when there was a large attendance and the proceedings were of an interesting character the chairman read the report and balance sheet which were adopted after some discussion a vote of thanks was passed to the officers for their services during the past year and the business closed

the meeting was held at the hall last evening when there was a large attendance and the proceedings were of an interesting character the chairman read the report and balance sheet which were adopted after some discussion a vote of thanks was passed to the officers for their services during the past year and the business closed

the meeting was held at the hall last evening when there was a large attendance and the proceedings were of an interesting character the chairman read the report and balance sheet which were adopted after some discussion a vote of thanks was passed to the officers for their services during the past year and the business closed

the meeting was held at the hall last evening when there was a large attendance and the proceedings were of an interesting character the chairman read the report and balance sheet which were adopted after some discussion a vote of thanks was passed to the officers for their services during the past year and the business closed

the meeting was held at the hall last evening when there was a large attendance and the proceedings were of an interesting character the chairman read the report and balance sheet which were adopted after some discussion a vote of thanks was passed to the officers for their services during the past year and the business closed

the meeting was held at the hall last evening when there was a large attendance and the proceedings were of an interesting character the chairman read the report and balance sheet which were adopted after some discussion a vote of thanks was passed to the officers for their services during the past year and the business closed

the meeting was held at the hall last evening when there was a large attendance and the proceedings were of an interesting character the chairman read the report and balance sheet which were adopted after some discussion a vote of thanks was passed to the officers for their services during the past year and the business closed

the meeting was held at the hall last evening when there was a large attendance and the proceedings were of an interesting character the chairman read the report and balance sheet which were adopted after some discussion a vote of thanks was passed to the officers for their services during the past year and the business closed

the meeting was held at the hall last evening when there was a large attendance and the proceedings were of an interesting character the chairman read the report and balance sheet which were adopted after some discussion a vote of thanks was passed to the officers for their services during the past year and the business closed

DALGETY & CO.,
LIMITED.

the meeting was held at the hall last evening when there was a large attendance and the proceedings were of an interesting character the chairman read the report and balance sheet which were adopted after some discussion a vote of thanks was passed to the officers for their services during the past year and the business closed

the meeting was held at the hall last evening when there was a large attendance and the proceedings were of an interesting character the chairman read the report and balance sheet which were adopted after some discussion a vote of thanks was passed to the officers for their services during the past year and the business closed

STOCK, STATION, AND SHIPPING AGENTS.
AGENCIES:

the meeting was held at the hall last evening when there was a large attendance and the proceedings were of an interesting character the chairman read the report and balance sheet which were adopted after some discussion a vote of thanks was passed to the officers for their services during the past year and the business closed

the meeting was held at the hall last evening when there was a large attendance and the proceedings were of an interesting character the chairman read the report and balance sheet which were adopted after some discussion a vote of thanks was passed to the officers for their services during the past year and the business closed

the meeting was held at the hall last evening when there was a large attendance and the proceedings were of an interesting character the chairman read the report and balance sheet which were adopted after some discussion a vote of thanks was passed to the officers for their services during the past year and the business closed

W. A. O'MEARA,
READ'S QUAY,

the meeting was held at the hall last evening when there was a large attendance and the proceedings were of an interesting character the chairman read the report and balance sheet which were adopted after some discussion a vote of thanks was passed to the officers for their services during the past year and the business closed

the meeting was held at the hall last evening when there was a large attendance and the proceedings were of an interesting character the chairman read the report and balance sheet which were adopted after some discussion a vote of thanks was passed to the officers for their services during the past year and the business closed

the meeting was held at the hall last evening when there was a large attendance and the proceedings were of an interesting character the chairman read the report and balance sheet which were adopted after some discussion a vote of thanks was passed to the officers for their services during the past year and the business closed

the meeting was held at the hall last evening when there was a large attendance and the proceedings were of an interesting character the chairman read the report and balance sheet which were adopted after some discussion a vote of thanks was passed to the officers for their services during the past year and the business closed

NEW SEEDS
MERCHANT.

the meeting was held at the hall last evening when there was a large attendance and the proceedings were of an interesting character the chairman read the report and balance sheet which were adopted after some discussion a vote of thanks was passed to the officers for their services during the past year and the business closed

the meeting was held at the hall last evening when there was a large attendance and the proceedings were of an interesting character the chairman read the report and balance sheet which were adopted after some discussion a vote of thanks was passed to the officers for their services during the past year and the business closed

T. G. LAWLESS,
JUST ARRIVED—

the meeting was held at the hall last evening when there was a large attendance and the proceedings were of an interesting character the chairman read the report and balance sheet which were adopted after some discussion a vote of thanks was passed to the officers for their services during the past year and the business closed

the meeting was held at the hall last evening when there was a large attendance and the proceedings were of an interesting character the chairman read the report and balance sheet which were adopted after some discussion a vote of thanks was passed to the officers for their services during the past year and the business closed

the meeting was held at the hall last evening when there was a large attendance and the proceedings were of an interesting character the chairman read the report and balance sheet which were adopted after some discussion a vote of thanks was passed to the officers for their services during the past year and the business closed

SAM. EARLE,
MEADOW HAY.

the meeting was held at the hall last evening when there was a large attendance and the proceedings were of an interesting character the chairman read the report and balance sheet which were adopted after some discussion a vote of thanks was passed to the officers for their services during the past year and the business closed

the meeting was held at the hall last evening when there was a large attendance and the proceedings were of an interesting character the chairman read the report and balance sheet which were adopted after some discussion a vote of thanks was passed to the officers for their services during the past year and the business closed

the meeting was held at the hall last evening when there was a large attendance and the proceedings were of an interesting character the chairman read the report and balance sheet which were adopted after some discussion a vote of thanks was passed to the officers for their services during the past year and the business closed

the meeting was held at the hall last evening when there was a large attendance and the proceedings were of an interesting character the chairman read the report and balance sheet which were adopted after some discussion a vote of thanks was passed to the officers for their services during the past year and the business closed

POTATOES

the meeting was held at the hall last evening when there was a large attendance and the proceedings were of an interesting character the chairman read the report and balance sheet which were adopted after some discussion a vote of thanks was passed to the officers for their services during the past year and the business closed

the meeting was held at the hall last evening when there was a large attendance and the proceedings were of an interesting character the chairman read the report and balance sheet which were adopted after some discussion a vote of thanks was passed to the officers for their services during the past year and the business closed

LAND AND ESTATE AGENT, GISBORNE.

the meeting was held at the hall last evening when there was a large attendance and the proceedings were of an interesting character the chairman read the report and balance sheet which were adopted after some discussion a vote of thanks was passed to the officers for their services during the past year and the business closed

the meeting was held at the hall last evening when there was a large attendance and the proceedings were of an interesting character the chairman read the report and balance sheet which were adopted after some discussion a vote of thanks was passed to the officers for their services during the past year and the business closed

the meeting was held at the hall last evening when there was a large attendance and the proceedings were of an interesting character the chairman read the report and balance sheet which were adopted after some discussion a vote of thanks was passed to the officers for their services during the past year and the business closed

HAIRDRESSER & TOBACCONIST, GISBORNE.

the meeting was held at the hall last evening when there was a large attendance and the proceedings were of an interesting character the chairman read the report and balance sheet which were adopted after some discussion a vote of thanks was passed to the officers for their services during the past year and the business closed

the meeting was held at the hall last evening when there was a large attendance and the proceedings were of an interesting character the chairman read the report and balance sheet which were adopted after some discussion a vote of thanks was passed to the officers for their services during the past year and the business closed

the meeting was held at the hall last evening when there was a large attendance and the proceedings were of an interesting character the chairman read the report and balance sheet which were adopted after some discussion a vote of thanks was passed to the officers for their services during the past year and the business closed

the meeting was held at the hall last evening when there was a large attendance and the proceedings were of an interesting character the chairman read the report and balance sheet which were adopted after some discussion a vote of thanks was passed to the officers for their services during the past year and the business closed

STORE.

the meeting was held at the hall last evening when there was a large attendance and the proceedings were of an interesting character the chairman read the report and balance sheet which were adopted after some discussion a vote of thanks was passed to the officers for their services during the past year and the business closed

the meeting was held at the hall last evening when there was a large attendance and the proceedings were of an interesting character the chairman read the report and balance sheet which were adopted after some discussion a vote of thanks was passed to the officers for their services during the past year and the business closed

the meeting was held at the hall last evening when there was a large attendance and the proceedings were of an interesting character the chairman read the report and balance sheet which were adopted after some discussion a vote of thanks was passed to the officers for their services during the past year and the business closed

the meeting was held at the hall last evening when there was a large attendance and the proceedings were of an interesting character the chairman read the report and balance sheet which were adopted after some discussion a vote of thanks was passed to the officers for their services during the past year and the business closed

the meeting was held at the hall last evening when there was a large attendance and the proceedings were of an interesting character the chairman read the report and balance sheet which were adopted after some discussion a vote of thanks was passed to the officers for their services during the past year and the business closed

the meeting was held at the hall last evening when there was a large attendance and the proceedings were of an interesting character the chairman read the report and balance sheet which were adopted after some discussion a vote of thanks was passed to the officers for their services during the past year and the business closed

the meeting was held at the hall last evening when there was a large attendance and the proceedings were of an interesting character the chairman read the report and balance sheet which were adopted after some discussion a vote of thanks was passed to the officers for their services during the past year and the business closed

the meeting was held at the hall last evening when there was a large attendance and the proceedings were of an interesting character the chairman read the report and balance sheet which were adopted after some discussion a vote of thanks was passed to the officers for their services during the past year and the business closed

the meeting was held at the hall last evening when there was a large attendance and the proceedings were of an interesting character the chairman read the report and balance sheet which were adopted after some discussion a vote of thanks was passed to the officers for their services during the past year and the business closed

the meeting was held at the hall last evening when there was a large attendance and the proceedings were of an interesting character the chairman read the report and balance sheet which were adopted after some discussion a vote of thanks was passed to the officers for their services during the past year and the business closed

the meeting was held at the hall last evening when there was a large attendance and the proceedings were of an interesting character the chairman read the report and balance sheet which were adopted after some discussion a vote of thanks was passed to the officers for their services during the past year and the business closed

the meeting was held at the hall last evening when there was a large attendance and the proceedings were of an interesting character the chairman read the report and balance sheet which were adopted after some discussion a vote of thanks was passed to the officers for their services during the past year and the business closed

the meeting was held at the hall last evening when there was a large attendance and the proceedings were of an interesting character the chairman read the report and balance sheet which were adopted after some discussion a vote of thanks was passed to the officers for their services during the past year and the business closed

the meeting was held at the hall last evening when there was a large attendance and the proceedings were of an interesting character the chairman read the report and balance sheet which were adopted after some discussion a vote of thanks was passed to the officers for their services during the past year and the business closed

WILLIAMS & KETTLE
(LIMITED),

the meeting was held at the hall last evening when there was a large attendance and the proceedings were of an interesting character the chairman read the report and balance sheet which were adopted after some discussion a vote of thanks was passed to the officers for their services during the past year and the business closed

the meeting was held at the hall last evening when there was a large attendance and the proceedings were of an interesting character the chairman read the report and balance sheet which were adopted after some discussion a vote of thanks was passed to the officers for their services during the past year and the business closed

the meeting was held at the hall last evening when there was a large attendance and the proceedings were of an interesting character the chairman read the report and balance sheet which were adopted after some discussion a vote of thanks was passed to the officers for their services during the past year and the business closed

AGRICULTURAL SEEDS.
PASTORALISTS' AND FARMERS' AGENTS,

the meeting was held at the hall last evening when there was a large attendance and the proceedings were of an interesting character the chairman read the report and balance sheet which were adopted after some discussion a vote of thanks was passed to the officers for their services during the past year and the business closed

the meeting was held at the hall last evening when there was a large attendance and the proceedings were of an interesting character the chairman read the report and balance sheet which were adopted after some discussion a vote of thanks was passed to the officers for their services during the past year and the business closed

the meeting was held at the hall last evening when there was a large attendance and the proceedings were of an interesting character the chairman read the report and balance sheet which were adopted after some discussion a vote of thanks was passed to the officers for their services during the past year and the business closed

the meeting was held at the hall last evening when there was a large attendance and the proceedings were of an interesting character the chairman read the report and balance sheet which were adopted after some discussion a vote of thanks was passed to the officers for their services during the past year and the business closed

FENCING MATERIAL.
AND GENERAL MERCHANTS.

the meeting was held at the hall last evening when there was a large attendance and the proceedings were of an interesting character the chairman read the report and balance sheet which were adopted after some discussion a vote of thanks was passed to the officers for their services during the past year and the business closed

the meeting was held at the hall last evening when there was a large attendance and the proceedings were of an interesting character the chairman read the report and balance sheet which were adopted after some discussion a vote of thanks was passed to the officers for their services during the past year and the business closed

STOCK SALE
AGENCIES :

the meeting was held at the hall last evening when there was a large attendance and the proceedings were of an interesting character the chairman read the report and balance sheet which were adopted after some discussion a vote of thanks was passed to the officers for their services during the past year and the business closed

the meeting was held at the hall last evening when there was a large attendance and the proceedings were of an interesting character the chairman read the report and balance sheet which were adopted after some discussion a vote of thanks was passed to the officers for their services during the past year and the business closed

the meeting was held at the hall last evening when there was a large attendance and the proceedings were of an interesting character the chairman read the report and balance sheet which were adopted after some discussion a vote of thanks was passed to the officers for their services during the past year and the business closed

DeLISLE.
LAWN MOWERS.

the meeting was held at the hall last evening when there was a large attendance and the proceedings were of an interesting character the chairman read the report and balance sheet which were adopted after some discussion a vote of thanks was passed to the officers for their services during the past year and the business closed

the meeting was held at the hall last evening when there was a large attendance and the proceedings were of an interesting character the chairman read the report and balance sheet which were adopted after some discussion a vote of thanks was passed to the officers for their services during the past year and the business closed

the meeting was held at the hall last evening when there was a large attendance and the proceedings were of an interesting character the chairman read the report and balance sheet which were adopted after some discussion a vote of thanks was passed to the officers for their services during the past year and the business closed

the meeting was held at the hall last evening when there was a large attendance and the proceedings were of an interesting character the chairman read the report and balance sheet which were adopted after some discussion a vote of thanks was passed to the officers for their services during the past year and the business closed

LUTTRELL
VEGETABLE SEEDS.

the meeting was held at the hall last evening when there was a large attendance and the proceedings were of an interesting character the chairman read the report and balance sheet which were adopted after some discussion a vote of thanks was passed to the officers for their services during the past year and the business closed

the meeting was held at the hall last evening when there was a large attendance and the proceedings were of an interesting character the chairman read the report and balance sheet which were adopted after some discussion a vote of thanks was passed to the officers for their services during the past year and the business closed

E. P. JOYCE,
FLOWER SEEDS.

the meeting was held at the hall last evening when there was a large attendance and the proceedings were of an interesting character the chairman read the report and balance sheet which were adopted after some discussion a vote of thanks was passed to the officers for their services during the past year and the business closed

the meeting was held at the hall last evening when there was a large attendance and the proceedings were of an interesting character the chairman read the report and balance sheet which were adopted after some discussion a vote of thanks was passed to the officers for their services during the past year and the business closed

the meeting was held at the hall last evening when there was a large attendance and the proceedings were of an interesting character the chairman read the report and balance sheet which were adopted after some discussion a vote of thanks was passed to the officers for their services during the past year and the business closed

COKE VERSUS COAL.
YARDS.

the meeting was held at the hall last evening when there was a large attendance and the proceedings were of an interesting character the chairman read the report and balance sheet which were adopted after some discussion a vote of thanks was passed to the officers for their services during the past year and the business closed

the meeting was held at the hall last evening when there was a large attendance and the proceedings were of an interesting character the chairman read the report and balance sheet which were adopted after some discussion a vote of thanks was passed to the officers for their services during the past year and the business closed

the meeting was held at the hall last evening when there was a large attendance and the proceedings were of an interesting character the chairman read the report and balance sheet which were adopted after some discussion a vote of thanks was passed to the officers for their services during the past year and the business closed

the meeting was held at the hall last evening when there was a large attendance and the proceedings were of an interesting character the chairman read the report and balance sheet which were adopted after some discussion a vote of thanks was passed to the officers for their services during the past year and the business closed

CASWORKS.
TRADE MARK.

the meeting was held at the hall last evening when there was a large attendance and the proceedings were of an interesting character the chairman read the report and balance sheet which were adopted after some discussion a vote of thanks was passed to the officers for their services during the past year and the business closed

the meeting was held at the hall last evening when there was a large attendance and the proceedings were of an interesting character the chairman read the report and balance sheet which were adopted after some discussion a vote of thanks was passed to the officers for their services during the past year and the business closed

LAND AND ESTATE AGENT, AUCTIONEER, VALUER

the meeting was held at the hall last evening when there was a large attendance and the proceedings were of an interesting character the chairman read the report and balance sheet which were adopted after some discussion a vote of thanks was passed to the officers for their services during the past year and the business closed

the meeting was held at the hall last evening when there was a large attendance and the proceedings were of an interesting character the chairman read the report and balance sheet which were adopted after some discussion a vote of thanks was passed to the officers for their services during the past year and the business closed

the meeting was held at the hall last evening when there was a large attendance and the proceedings were of an interesting character the chairman read the report and balance sheet which were adopted after some discussion a vote of thanks was passed to the officers for their services during the past year and the business closed

GISBORNE GAS COMPANY

the meeting was held at the hall last evening when there was a large attendance and the proceedings were of an interesting character the chairman read the report and balance sheet which were adopted after some discussion a vote of thanks was passed to the officers for their services during the past year and the business closed

the meeting was held at the hall last evening when there was a large attendance and the proceedings were of an interesting character the chairman read the report and balance sheet which were adopted after some discussion a vote of thanks was passed to the officers for their services during the past year and the business closed

the meeting was held at the hall last evening when there was a large attendance and the proceedings were of an interesting character the chairman read the report and balance sheet which were adopted after some discussion a vote of thanks was passed to the officers for their services during the past year and the business closed

the meeting was held at the hall last evening when there was a large attendance and the proceedings were of an interesting character the chairman read the report and balance sheet which were adopted after some discussion a vote of thanks was passed to the officers for their services during the past year and the business closed

the meeting was held at the hall last evening when there was a large attendance and the proceedings were of an interesting character the chairman read the report and balance sheet which were adopted after some discussion a vote of thanks was passed to the officers for their services during the past year and the business closed

the meeting was held at the hall last evening when there was a large attendance and the proceedings were of an interesting character the chairman read the report and balance sheet which were adopted after some discussion a vote of thanks was passed to the officers for their services during the past year and the business closed

the meeting was held at the hall last evening when there was a large attendance and the proceedings were of an interesting character the chairman read the report and balance sheet which were adopted after some discussion a vote of thanks was passed to the officers for their services during the past year and the business closed

the meeting was held at the hall last evening when there was a large attendance and the proceedings were of an interesting character the chairman read the report and balance sheet which were adopted after some discussion a vote of thanks was passed to the officers for their services during the past year and the business closed

the meeting was held at the hall last evening when there was a large attendance and the proceedings were of an interesting character the chairman read the report and balance sheet which were adopted after some discussion a vote of thanks was passed to the officers for their services during the past year and the business closed

the meeting was held at the hall last evening when there was a large attendance and the proceedings were of an interesting character the chairman read the report and balance sheet which were adopted after some discussion a vote of thanks was passed to the officers for their services during the past year and the business closed

the meeting was held at the hall last evening when there was a large attendance and the proceedings were of an interesting character the chairman read the report and balance sheet which were adopted after some discussion a vote of thanks was passed to the officers for their services during the past year and the business closed

the meeting was held at the hall last evening when there was a large attendance and the proceedings were of an interesting character the chairman read the report and balance sheet which were adopted after some discussion a vote of thanks was passed to the officers for their services during the past year and the business closed

the meeting was held at the hall last evening when there was a large attendance and the proceedings were of an interesting character the chairman read the report and balance sheet which were adopted after some discussion a vote of thanks was passed to the officers for their services during the past year and the business closed

the meeting was held at the hall last evening when there was a large attendance and the proceedings were of an interesting character the chairman read the report and balance sheet which were adopted after some discussion a vote of thanks was passed to the officers for their services during the past year and the business closed

the meeting was held at the hall last evening when there was a large attendance and the proceedings were of an interesting character the chairman read the report and balance sheet which were adopted after some discussion a vote of thanks was passed to the officers for their services during the past year and the business closed

the meeting was held at the hall last evening when there was a large attendance and the proceedings were of an interesting character the chairman read the report and balance sheet which were adopted after some discussion a vote of thanks was passed to the officers for their services during the past year and the business closed

COMMON, SHELTON AND CO. LIMITED
(Established in Gisborne, 1878.)

the meeting was held at the hall last evening when there was a large attendance and the proceedings were of an interesting character the chairman read the report and balance sheet which were adopted after some discussion a vote of thanks was passed to the officers for their services during the past year and the business closed

the meeting was held at the hall last evening when there was a large attendance and the proceedings were of an interesting character the chairman read the report and balance sheet which were adopted after some discussion a vote of thanks was passed to the officers for their services during the past year and the business closed

the meeting was held at the hall last evening when there was a large attendance and the proceedings were of an interesting character the chairman read the report and balance sheet which were adopted after some discussion a vote of thanks was passed to the officers for their services during the past year and the business closed

the meeting was held at the hall last evening when there was a large attendance and the proceedings were of an interesting character the chairman read the report and balance sheet which were adopted after some discussion a vote of thanks was passed to the officers for their services during the past year and the business closed

UNIVERSAL PROVIDERS.
THE ACME PATENT

the meeting was held at the hall last evening when there was a large attendance and the proceedings were of an interesting character the chairman read the report and balance sheet which were adopted after some discussion a vote of thanks was passed to the officers for their services during the past year and the business closed

the meeting was held at the hall last evening when there was a large attendance and the proceedings were of an interesting character the chairman read the report and balance sheet which were adopted after some discussion a vote of thanks was passed to the officers for their services during the past year and the business closed

SPORTING SEASON.
ATTRACTIVE STYLES. MODERATE PRICES.

the meeting was held at the hall last evening when there was a large attendance and the proceedings were of an interesting character the chairman read the report and balance sheet which were adopted after some discussion a vote of thanks was passed to the officers for their services during the past year and the business closed

the meeting was held at the hall last evening when there was a large attendance and the proceedings were of an interesting character the chairman read the report and balance sheet which were adopted after some discussion a vote of thanks was passed to the officers for their services during the past year and the business closed

the meeting was held at the hall last evening when there was a large attendance and the proceedings were of an interesting character the chairman read the report and balance sheet which were adopted after some discussion a vote of thanks was passed to the officers for their services during the past year and the business closed

HORSE AND COW COVERS.
COMMON, SHELTON AND CO. LTD.

the meeting was held at the hall last evening when there was a large attendance and the proceedings were of an interesting character the chairman read the report and balance sheet which were adopted after some discussion a vote of thanks was passed to the officers for their services during the past year and the business closed

the meeting was held at the hall last evening when there was a large attendance and the proceedings were of an interesting character the chairman read the report and balance sheet which were adopted after some discussion a vote of thanks was passed to the officers for their services during the past year and the business closed

the meeting was held at the hall last evening when there was a large attendance and the proceedings were of an interesting character the chairman read the report and balance sheet which were adopted after some discussion a vote of thanks was passed to the officers for their services during the past year and the business closed

the meeting was held at the hall last evening when there was a large attendance and the proceedings were of an interesting character the chairman read the report and balance sheet which were adopted after some discussion a vote of thanks was passed to the officers for their services during the past year and the business closed

BUSHFELLING REQUISITES
UNIVERSAL PROVIDERS.

the meeting was held at the hall last evening when there was a large attendance and the proceedings were of an interesting character the chairman read the report and balance sheet which were adopted after some discussion a vote of thanks was passed to the officers for their services during the past year and the business closed

the meeting was held at the hall last evening when there was a large attendance and the proceedings were of an interesting character the chairman read the report and balance sheet which were adopted after some discussion a vote of thanks was passed to the officers for their services during the past year and the business closed

IMPLEMENT AND MACHINERY DEPARTMENT
MUSIC.

the meeting was held at the hall last evening when there was a large attendance and the proceedings were of an interesting character the chairman read the report and balance sheet which were adopted after some discussion a vote of thanks was passed to the officers for their services during the past year and the business closed

the meeting was held at the hall last evening when there was a large attendance and the proceedings were of an interesting character the chairman read the report and balance sheet which were adopted after some discussion a vote of thanks was passed to the officers for their services during the past year and the business closed

the meeting was held at the hall last evening when there was a large attendance and the proceedings were of an interesting character the chairman read the report and balance sheet which were adopted after some discussion a vote of thanks was passed to the officers for their services during the past year and the business closed

DRAPERY DEPARTMENT
GLADSTONE ROAD.

the meeting was held at the hall last evening when there was a large attendance and the proceedings were of an interesting character the chairman read the report and balance sheet which were adopted after some discussion a vote of thanks was passed to the officers for their services during the past year and the business closed

the meeting was held at the hall last evening when there was a large attendance and the proceedings were of an interesting character the chairman read the report and balance sheet which were adopted after some discussion a vote of thanks was passed to the officers for their services during the past year and the business closed

the meeting was held at the hall last evening when there was a large attendance and the proceedings were of an interesting character the chairman read the report and balance sheet which were adopted after some discussion a vote of thanks was passed to the officers for their services during the past year and the business closed

the meeting was held at the hall last evening when there was a large attendance and the proceedings were of an interesting character the chairman read the report and balance sheet which were adopted after some discussion a vote of thanks was passed to the officers for their services during the past year and the business closed

LOOK HERE!

the meeting was held at the hall last evening when there was a large attendance and the proceedings were of an interesting character the chairman read the report and balance sheet which were adopted after some discussion a vote of thanks was passed to the officers for their services during the past year and the business closed

the meeting was held at the hall last evening when there was a large attendance and the proceedings were of an interesting character the chairman read the report and balance sheet which were adopted after some discussion a vote of thanks was passed to the officers for their services during the past year and the business closed

WHERE?

the meeting was held at the hall last evening when there was a large attendance and the proceedings were of an interesting character the chairman read the report and balance sheet which were adopted after some discussion a vote of thanks was passed to the officers for their services during the past year and the business closed

the meeting was held at the hall last evening when there was a large attendance and the proceedings were of an interesting character the chairman read the report and balance sheet which were adopted after some discussion a vote of thanks was passed to the officers for their services during the past year and the business closed

the meeting was held at the hall last evening when there was a large attendance and the proceedings were of an interesting character the chairman read the report and balance sheet which were adopted after some discussion a vote of thanks was passed to the officers for their services during the past year and the business closed

TAYLOR & HODGSON,

the meeting was held at the hall last evening when there was a large attendance and the proceedings were of an interesting character the chairman read the report and balance sheet which were adopted after some discussion a vote of thanks was passed to the officers for their services during the past year and the business closed

the meeting was held at the hall last evening when there was a large attendance and the proceedings were of an interesting character the chairman read the report and balance sheet which were adopted after some discussion a vote of thanks was passed to the officers for their services during the past year and the business closed

the meeting was held at the hall last evening when there was a large attendance and the proceedings were of an interesting character the chairman read the report and balance sheet which were adopted after some discussion a vote of thanks was passed to the officers for their services during the past year and the business closed

the meeting was held at the hall last evening when there was a large attendance and the proceedings were of an interesting character the chairman read the report and balance sheet which were adopted after some discussion a vote of thanks was passed to the officers for their services during the past year and the business closed

FURNITURE

the meeting was held at the hall last evening when there was a large attendance and the proceedings were of an interesting character the chairman read the report and balance sheet which were adopted after some discussion a vote of thanks was passed to the officers for their services during the past year and the business closed

the meeting was held at the hall last evening when there was a large attendance and the proceedings were of an interesting character the chairman read the report and balance sheet which were adopted after some discussion a vote of thanks was passed to the officers for their services during the past year and the business closed

the meeting was held at the hall last evening when there was a large attendance and the proceedings were of an interesting character the chairman read the report and balance sheet which were adopted after some discussion a vote of thanks was passed to the officers for their services during the past year and the business closed

the meeting was held at the hall last evening when there was a large attendance and the proceedings were of an interesting character the chairman read the report and balance sheet which were adopted after some discussion a vote of thanks was passed to the officers for their services during the past year and the business closed

the meeting was held at the hall last evening when there was a large attendance and the proceedings were of an interesting character the chairman read the report and balance sheet which were adopted after some discussion a vote of thanks was passed to the officers for their services during the past year and the business closed

the meeting was held at the hall last evening when there was a large attendance and the proceedings were of an interesting character the chairman read the report and balance sheet which were adopted after some discussion a vote of thanks was passed to the officers for their services during the past year and the business closed

the meeting was held at the hall last evening when there was a large attendance and the proceedings were of an interesting character the chairman read the report and balance sheet which were adopted after some discussion a vote of thanks was passed to the officers for their services during the past year and the business closed

the meeting was held at the hall last evening when there was a large attendance and the proceedings were of an interesting character the chairman read the report and balance sheet which were adopted after some discussion a vote of thanks was passed to the officers for their services during the past year and the business closed

the meeting was held at the hall last evening when there was a large attendance and the proceedings were of an interesting character the chairman read the report and balance sheet which were adopted after some discussion a vote of thanks was passed to the officers for their services during the past year and the business closed

the meeting was held at the hall last evening when there was a large attendance and the proceedings were of an interesting character the chairman read the report and balance sheet which were adopted after some discussion a vote of thanks was passed to the officers for their services during the past year and the business closed

the meeting was held at the hall last evening when there was a large attendance and the proceedings were of an interesting character the chairman read the report and balance sheet which were adopted after some discussion a vote of thanks was passed to the officers for their services during the past year and the business closed

the meeting was held at the hall last evening when there was a large attendance and the proceedings were of an interesting character the chairman read the report and balance sheet which were adopted after some discussion a vote of thanks was passed to the officers for their services during the past year and the business closed

the meeting was held at the hall last evening when there was a large attendance and the proceedings were of an interesting character the chairman read the report and balance sheet which were adopted after some discussion a vote of thanks was passed to the officers for their services during the past year and the business closed

the meeting was held at the hall last evening when there was a large attendance and the proceedings were of an interesting character the chairman read the report and balance sheet which were adopted after some discussion a vote of thanks was passed to the officers for their services during the past year and the business closed
